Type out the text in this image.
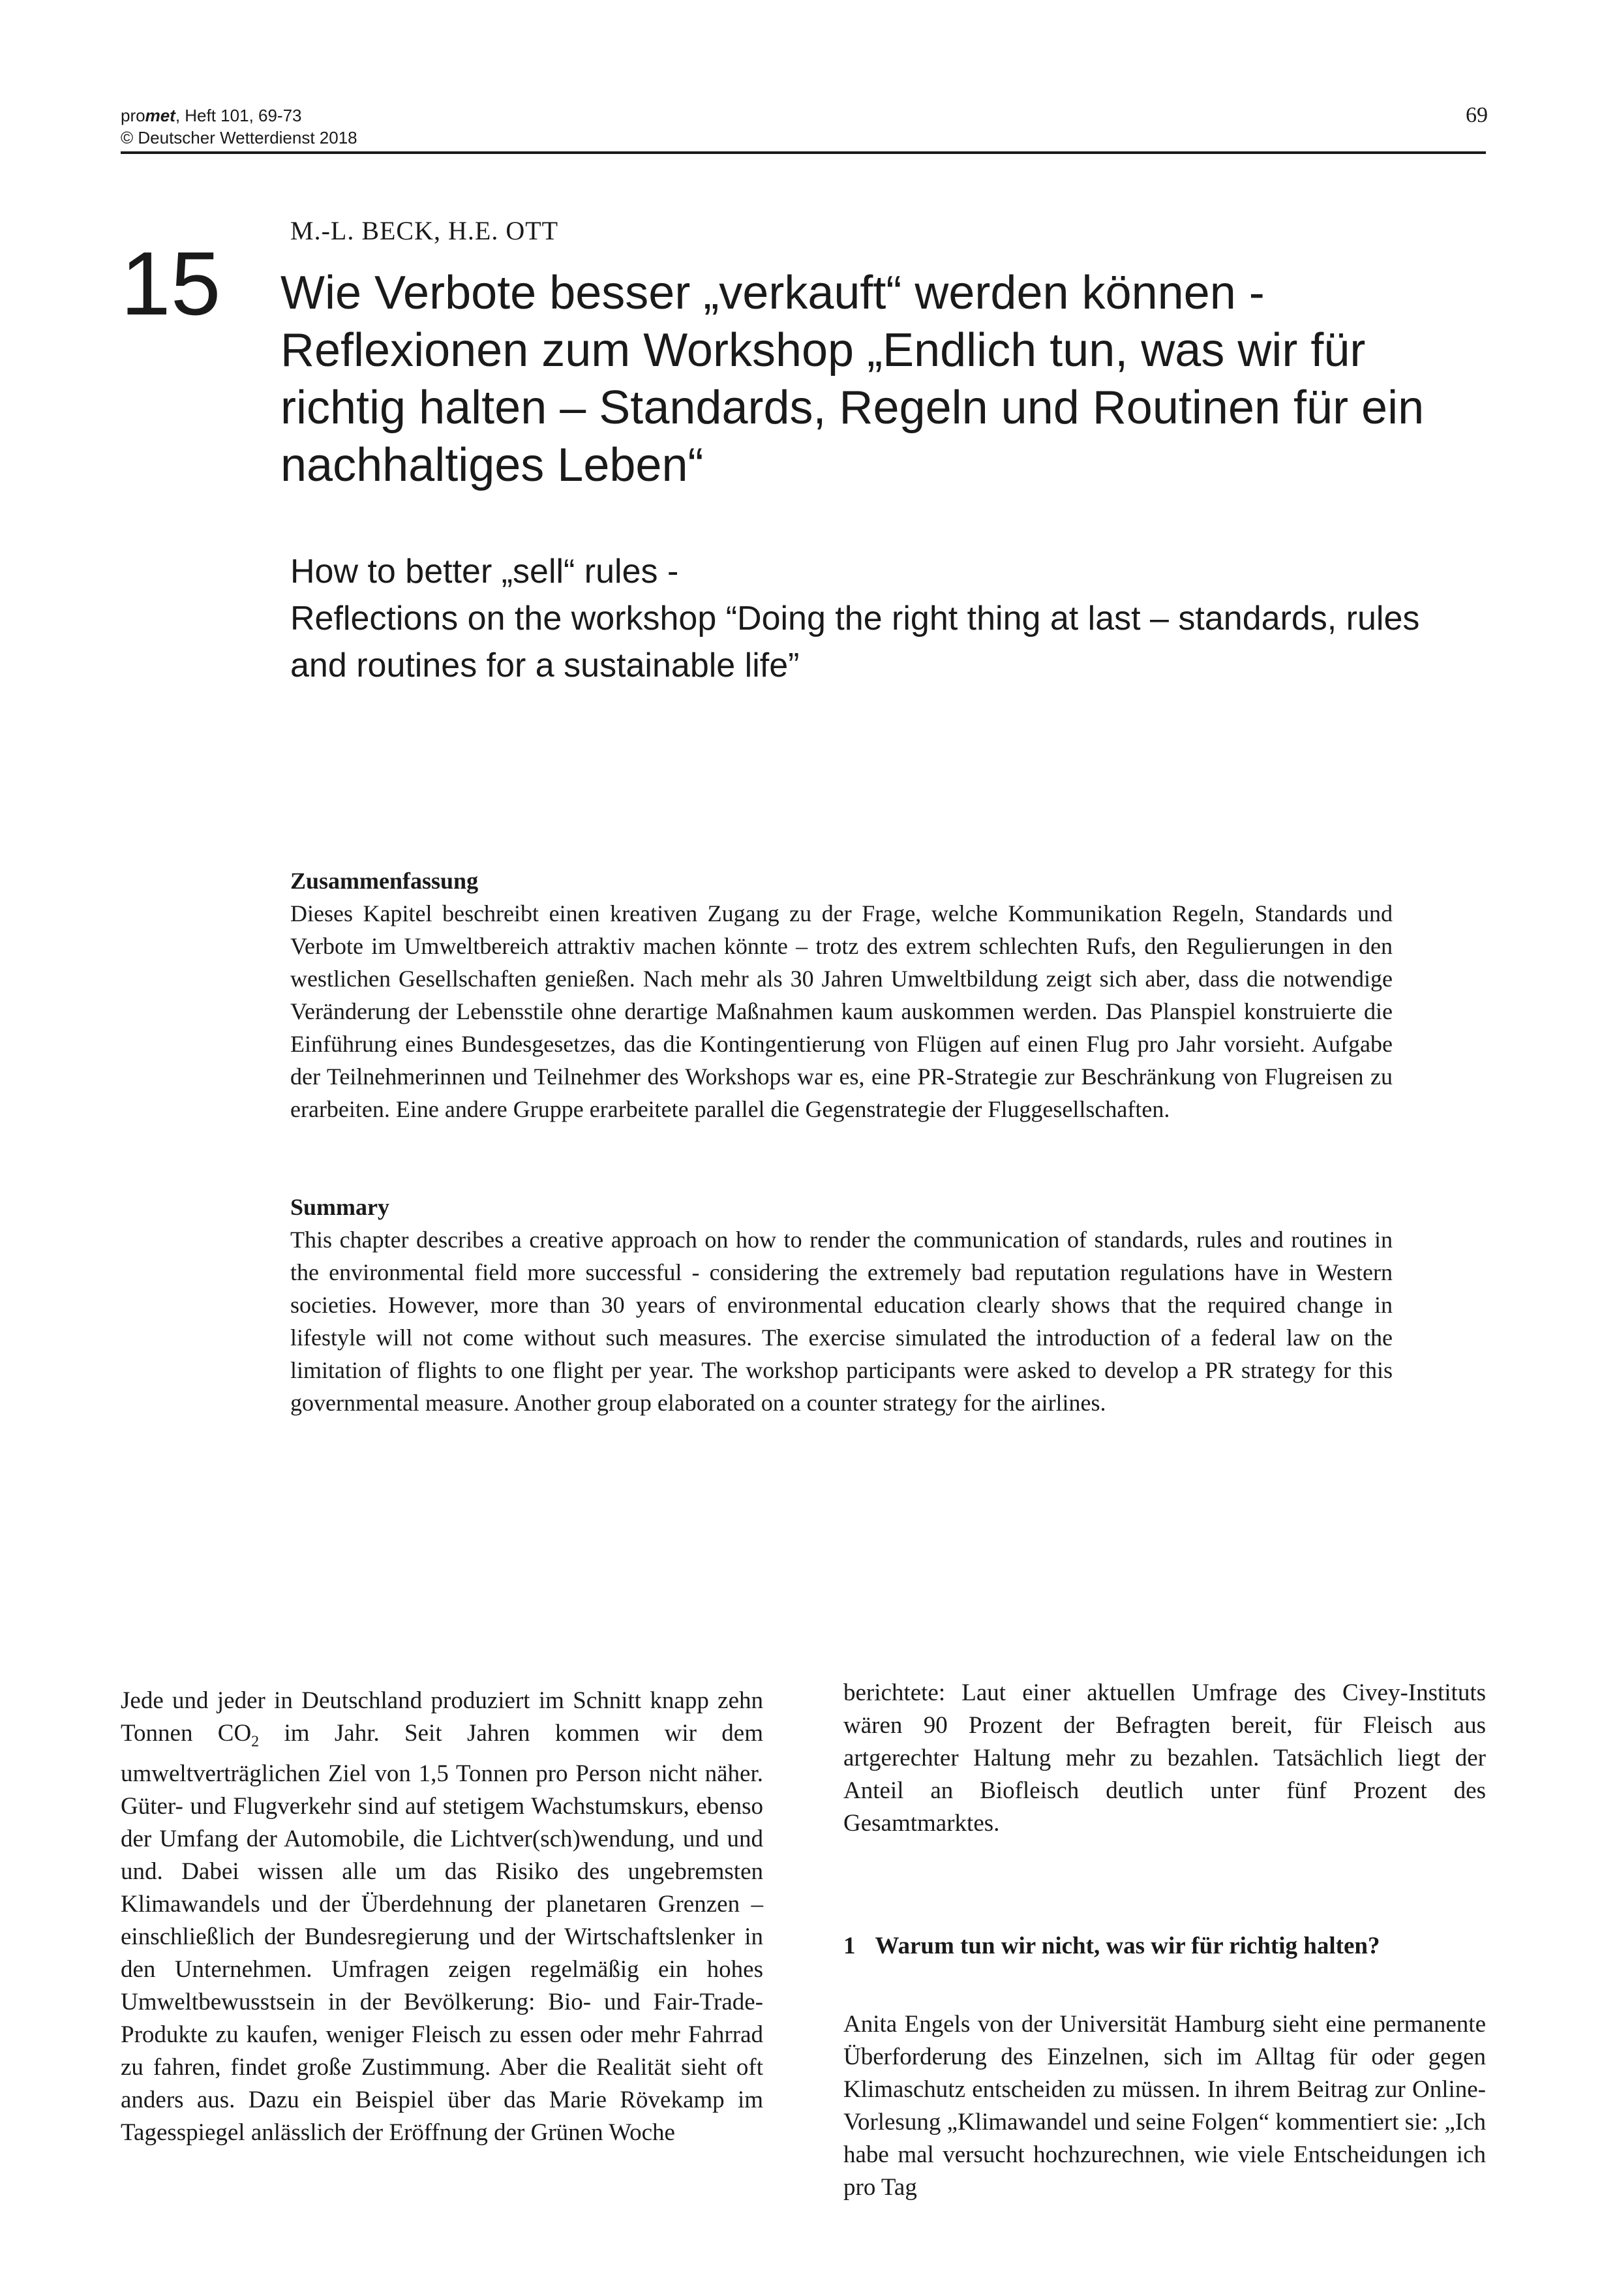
promet, Heft 101, 69-73
© Deutscher Wetterdienst 2018
69
15
M.-L. BECK, H.E. OTT
Wie Verbote besser „verkauft“ werden können - Reflexionen zum Workshop „Endlich tun, was wir für richtig halten – Standards, Regeln und Routinen für ein nachhaltiges Leben“
How to better „sell“ rules -
Reflections on the workshop “Doing the right thing at last – standards, rules and routines for a sustainable life”
Zusammenfassung

Dieses Kapitel beschreibt einen kreativen Zugang zu der Frage, welche Kommunikation Regeln, Standards und Verbote im Umweltbereich attraktiv machen könnte – trotz des extrem schlechten Rufs, den Regulierungen in den westlichen Gesellschaften genießen. Nach mehr als 30 Jahren Umweltbildung zeigt sich aber, dass die notwendige Veränderung der Lebensstile ohne derartige Maßnahmen kaum auskommen werden. Das Planspiel konstruierte die Einführung eines Bundesgesetzes, das die Kontingentierung von Flügen auf einen Flug pro Jahr vorsieht. Aufgabe der Teilnehmerinnen und Teilnehmer des Workshops war es, eine PR-Strategie zur Beschränkung von Flugreisen zu erarbeiten. Eine andere Gruppe erarbeitete parallel die Gegenstrategie der Fluggesellschaften.

Summary

This chapter describes a creative approach on how to render the communication of standards, rules and routines in the environmental field more successful - considering the extremely bad reputation regulations have in Western societies. However, more than 30 years of environmental education clearly shows that the required change in lifestyle will not come without such measures. The exercise simulated the introduction of a federal law on the limitation of flights to one flight per year. The workshop participants were asked to develop a PR strategy for this governmental measure. Another group elaborated on a counter strategy for the airlines.

Jede und jeder in Deutschland produziert im Schnitt knapp zehn Tonnen $CO_2$ im Jahr. Seit Jahren kommen wir dem umweltverträglichen Ziel von 1,5 Tonnen pro Person nicht näher. Güter- und Flugverkehr sind auf stetigem Wachstumskurs, ebenso der Umfang der Automobile, die Lichtver(sch)wendung, und und und. Dabei wissen alle um das Risiko des ungebremsten Klimawandels und der Überdehnung der planetaren Grenzen – einschließlich der Bundesregierung und der Wirtschaftslenker in den Unternehmen. Umfragen zeigen regelmäßig ein hohes Umweltbewusstsein in der Bevölkerung: Bio- und Fair-Trade-Produkte zu kaufen, weniger Fleisch zu essen oder mehr Fahrrad zu fahren, findet große Zustimmung. Aber die Realität sieht oft anders aus. Dazu ein Beispiel über das Marie Rövekamp im Tagesspiegel anlässlich der Eröffnung der Grünen Woche

berichtete: Laut einer aktuellen Umfrage des Civey-Instituts wären 90 Prozent der Befragten bereit, für Fleisch aus artgerechter Haltung mehr zu bezahlen. Tatsächlich liegt der Anteil an Biofleisch deutlich unter fünf Prozent des Gesamtmarktes.

1 Warum tun wir nicht, was wir für richtig halten?

Anita Engels von der Universität Hamburg sieht eine permanente Überforderung des Einzelnen, sich im Alltag für oder gegen Klimaschutz entscheiden zu müssen. In ihrem Beitrag zur Online-Vorlesung „Klimawandel und seine Folgen“ kommentiert sie: „Ich habe mal versucht hochzurechnen, wie viele Entscheidungen ich pro Tag
